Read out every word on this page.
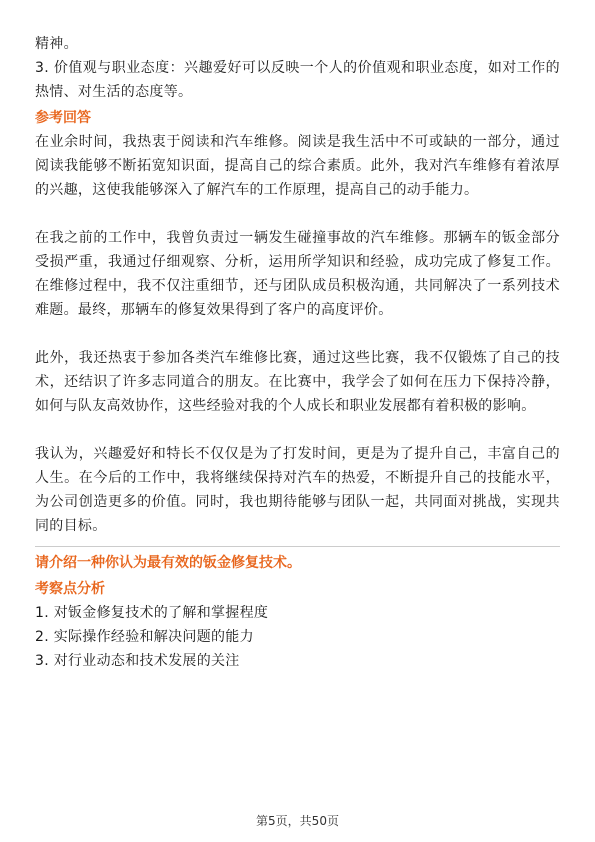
精神。

3. 价值观与职业态度：兴趣爱好可以反映一个人的价值观和职业态度，如对工作的热情、对生活的态度等。

参考回答

在业余时间，我热衷于阅读和汽车维修。阅读是我生活中不可或缺的一部分，通过阅读我能够不断拓宽知识面，提高自己的综合素质。此外，我对汽车维修有着浓厚的兴趣，这使我能够深入了解汽车的工作原理，提高自己的动手能力。

在我之前的工作中，我曾负责过一辆发生碰撞事故的汽车维修。那辆车的钣金部分受损严重，我通过仔细观察、分析，运用所学知识和经验，成功完成了修复工作。在维修过程中，我不仅注重细节，还与团队成员积极沟通，共同解决了一系列技术难题。最终，那辆车的修复效果得到了客户的高度评价。

此外，我还热衷于参加各类汽车维修比赛，通过这些比赛，我不仅锻炼了自己的技术，还结识了许多志同道合的朋友。在比赛中，我学会了如何在压力下保持冷静，如何与队友高效协作，这些经验对我的个人成长和职业发展都有着积极的影响。

我认为，兴趣爱好和特长不仅仅是为了打发时间，更是为了提升自己，丰富自己的人生。在今后的工作中，我将继续保持对汽车的热爱，不断提升自己的技能水平，为公司创造更多的价值。同时，我也期待能够与团队一起，共同面对挑战，实现共同的目标。

请介绍一种你认为最有效的钣金修复技术。
考察点分析
1. 对钣金修复技术的了解和掌握程度
2. 实际操作经验和解决问题的能力
3. 对行业动态和技术发展的关注
第5页，共50页
